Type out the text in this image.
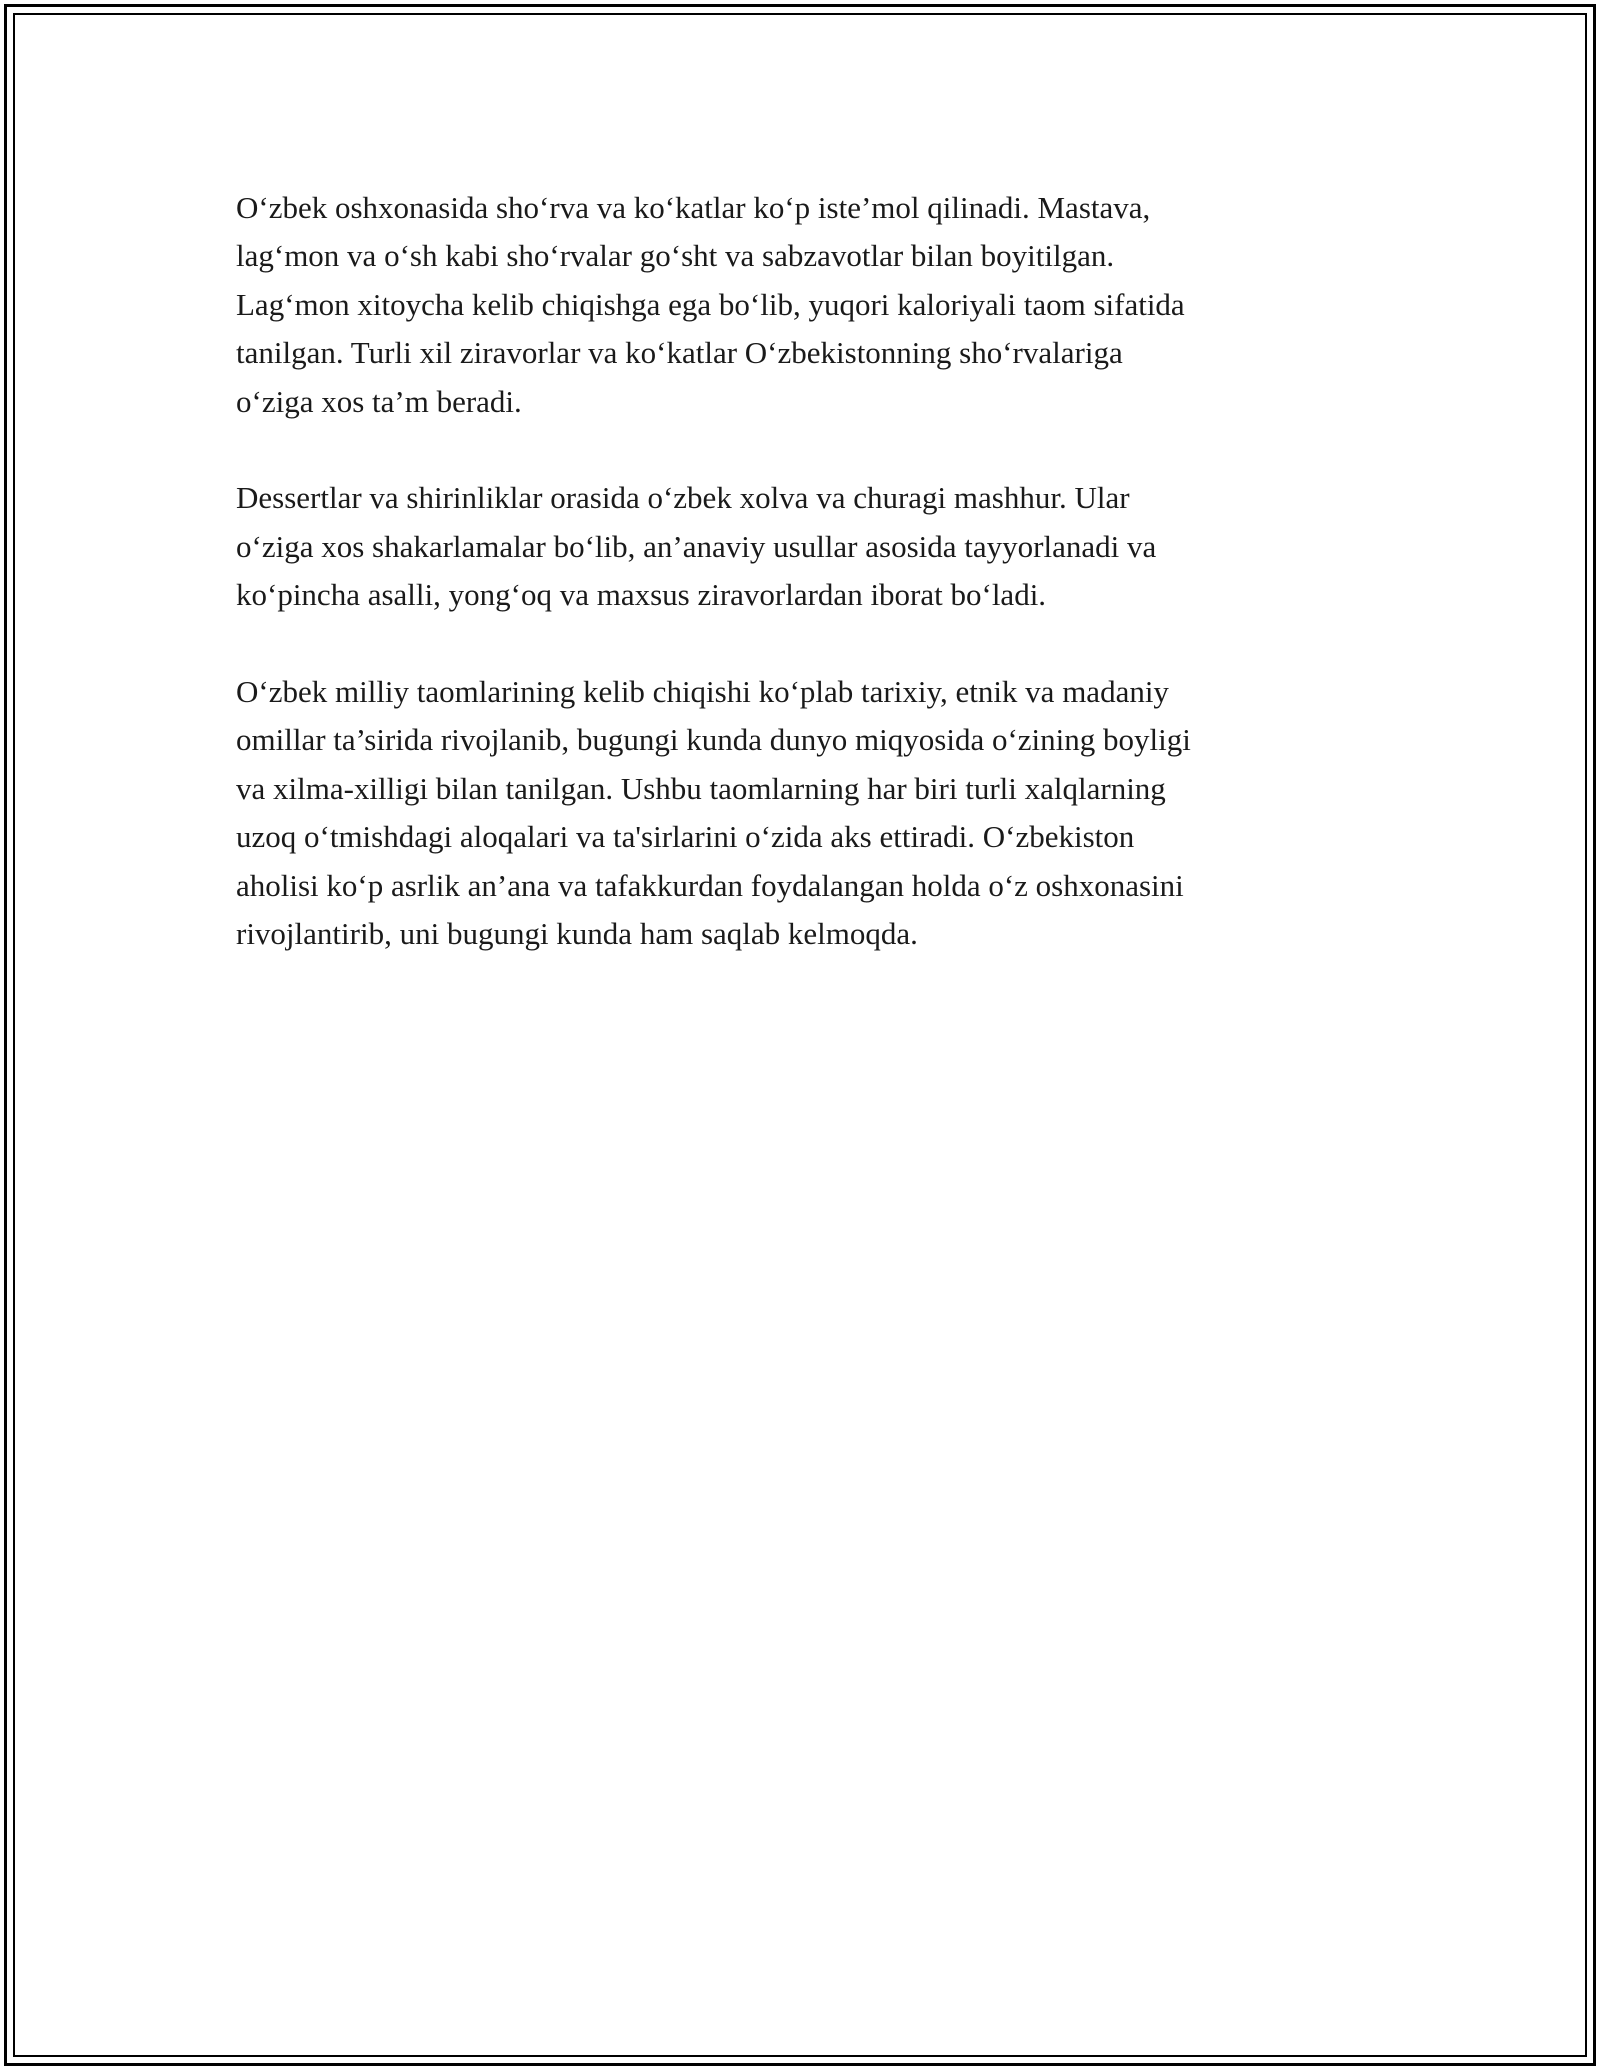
O‘zbek oshxonasida sho‘rva va ko‘katlar ko‘p iste’mol qilinadi. Mastava,
lag‘mon va o‘sh kabi sho‘rvalar go‘sht va sabzavotlar bilan boyitilgan.
Lag‘mon xitoycha kelib chiqishga ega bo‘lib, yuqori kaloriyali taom sifatida
tanilgan. Turli xil ziravorlar va ko‘katlar O‘zbekistonning sho‘rvalariga
o‘ziga xos ta’m beradi.

Dessertlar va shirinliklar orasida o‘zbek xolva va churagi mashhur. Ular
o‘ziga xos shakarlamalar bo‘lib, an’anaviy usullar asosida tayyorlanadi va
ko‘pincha asalli, yong‘oq va maxsus ziravorlardan iborat bo‘ladi.

O‘zbek milliy taomlarining kelib chiqishi ko‘plab tarixiy, etnik va madaniy
omillar ta’sirida rivojlanib, bugungi kunda dunyo miqyosida o‘zining boyligi
va xilma-xilligi bilan tanilgan. Ushbu taomlarning har biri turli xalqlarning
uzoq o‘tmishdagi aloqalari va ta'sirlarini o‘zida aks ettiradi. O‘zbekiston
aholisi ko‘p asrlik an’ana va tafakkurdan foydalangan holda o‘z oshxonasini
rivojlantirib, uni bugungi kunda ham saqlab kelmoqda.
